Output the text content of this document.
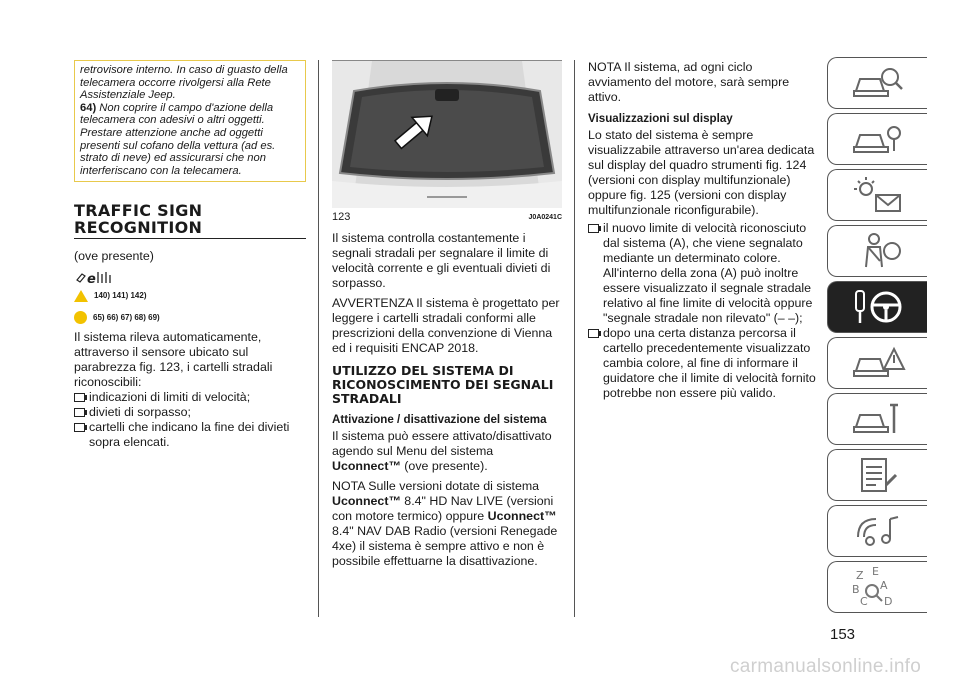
retrovisore interno. In caso di guasto della
telecamera occorre rivolgersi alla Rete
Assistenziale Jeep.
64) Non coprire il campo d'azione della
telecamera con adesivi o altri oggetti.
Prestare attenzione anche ad oggetti
presenti sul cofano della vettura (ad es.
strato di neve) ed assicurarsi che non
interferiscano con la telecamera.
TRAFFIC SIGN
RECOGNITION
(ove presente)
e
140) 141) 142)
65) 66) 67) 68) 69)

Il sistema rileva automaticamente, attraverso il sensore ubicato sul parabrezza fig. 123, i cartelli stradali riconoscibili:

indicazioni di limiti di velocità;
divieti di sorpasso;
cartelli che indicano la fine dei divieti sopra elencati.
123	J0A0241C

Il sistema controlla costantemente i segnali stradali per segnalare il limite di velocità corrente e gli eventuali divieti di sorpasso.

AVVERTENZA Il sistema è progettato per leggere i cartelli stradali conformi alle prescrizioni della convenzione di Vienna ed i requisiti ENCAP 2018.

UTILIZZO DEL SISTEMA DI RICONOSCIMENTO DEI SEGNALI STRADALI
Attivazione / disattivazione del sistema

Il sistema può essere attivato/disattivato agendo sul Menu del sistema Uconnect™ (ove presente).

NOTA Sulle versioni dotate di sistema Uconnect™ 8.4" HD Nav LIVE (versioni con motore termico) oppure Uconnect™ 8.4" NAV DAB Radio (versioni Renegade 4xe) il sistema è sempre attivo e non è possibile effettuarne la disattivazione.

NOTA Il sistema, ad ogni ciclo avviamento del motore, sarà sempre attivo.

Visualizzazioni sul display

Lo stato del sistema è sempre visualizzabile attraverso un'area dedicata sul display del quadro strumenti fig. 124 (versioni con display multifunzionale) oppure fig. 125 (versioni con display multifunzionale riconfigurabile).

il nuovo limite di velocità riconosciuto dal sistema (A), che viene segnalato mediante un determinato colore. All'interno della zona (A) può inoltre essere visualizzato il segnale stradale relativo al fine limite di velocità oppure "segnale stradale non rilevato" (– –);
dopo una certa distanza percorsa il cartello precedentemente visualizzato cambia colore, al fine di informare il guidatore che il limite di velocità fornito potrebbe non essere più valido.
Z E
B A
C D
153
carmanualsonline.info
